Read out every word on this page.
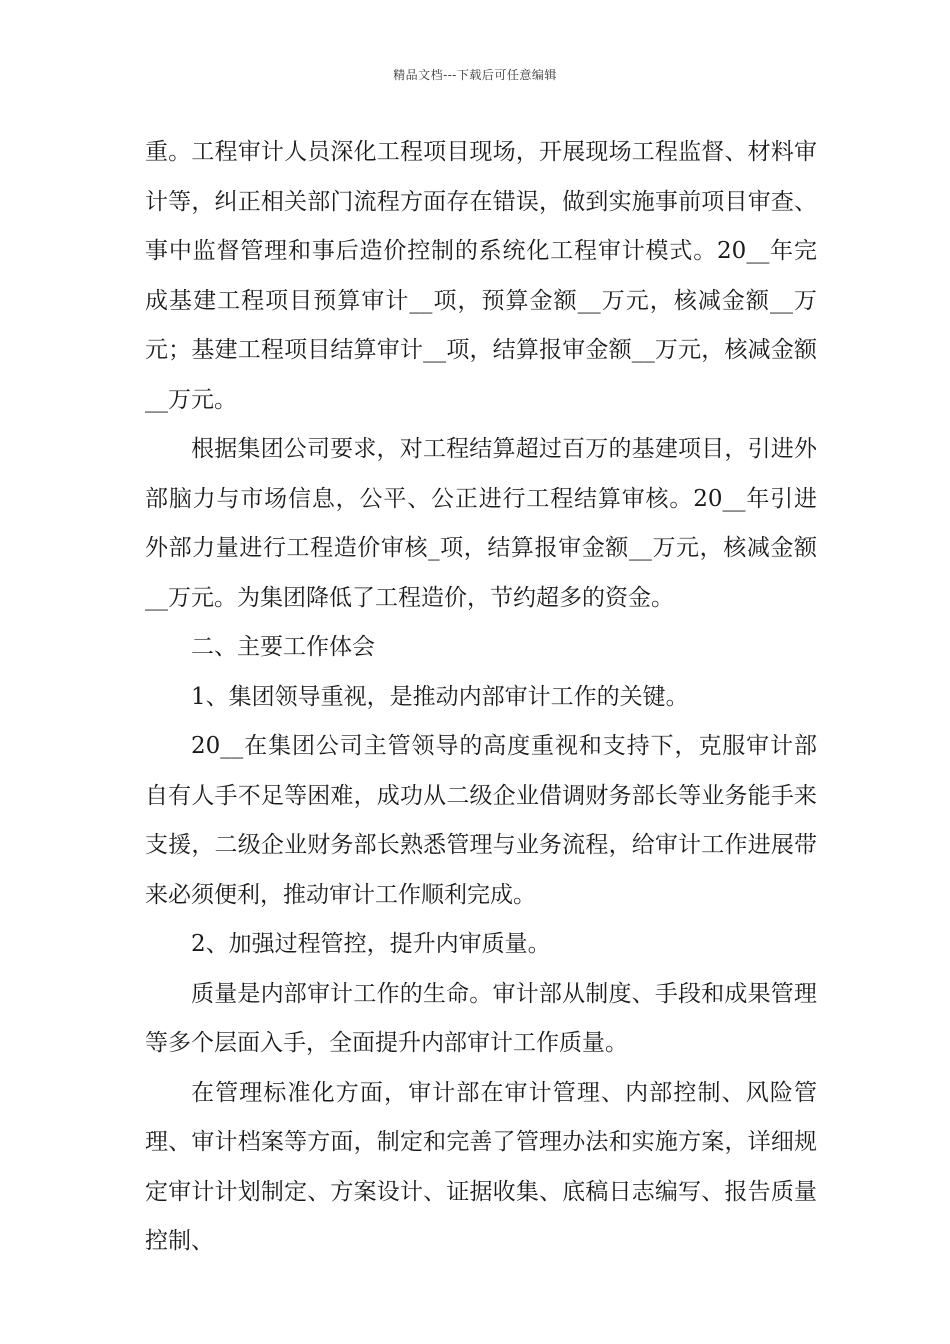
精品文档---下载后可任意编辑

重。工程审计人员深化工程项目现场，开展现场工程监督、材料审计等，纠正相关部门流程方面存在错误，做到实施事前项目审查、事中监督管理和事后造价控制的系统化工程审计模式。20__年完成基建工程项目预算审计__项，预算金额__万元，核减金额__万元；基建工程项目结算审计__项，结算报审金额__万元，核减金额__万元。

根据集团公司要求，对工程结算超过百万的基建项目，引进外部脑力与市场信息，公平、公正进行工程结算审核。20__年引进外部力量进行工程造价审核_项，结算报审金额__万元，核减金额__万元。为集团降低了工程造价，节约超多的资金。

二、主要工作体会

1、集团领导重视，是推动内部审计工作的关键。

20__在集团公司主管领导的高度重视和支持下，克服审计部自有人手不足等困难，成功从二级企业借调财务部长等业务能手来支援，二级企业财务部长熟悉管理与业务流程，给审计工作进展带来必须便利，推动审计工作顺利完成。

2、加强过程管控，提升内审质量。

质量是内部审计工作的生命。审计部从制度、手段和成果管理等多个层面入手，全面提升内部审计工作质量。

在管理标准化方面，审计部在审计管理、内部控制、风险管理、审计档案等方面，制定和完善了管理办法和实施方案，详细规定审计计划制定、方案设计、证据收集、底稿日志编写、报告质量控制、
